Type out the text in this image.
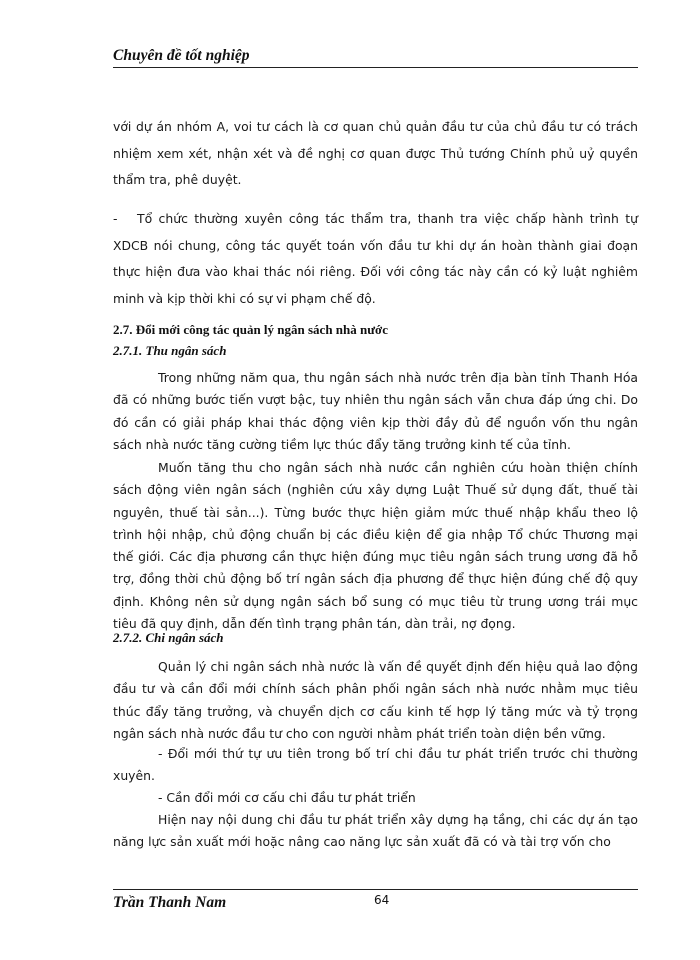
Chuyên đề tốt nghiệp

với dự án nhóm A, voi tư cách là cơ quan chủ quản đầu tư của chủ đầu tư có trách nhiệm xem xét, nhận xét và đề nghị cơ quan được Thủ tướng Chính phủ uỷ quyền thẩm tra, phê duyệt.

- Tổ chức thường xuyên công tác thẩm tra, thanh tra việc chấp hành trình tự XDCB nói chung, công tác quyết toán vốn đầu tư khi dự án hoàn thành giai đoạn thực hiện đưa vào khai thác nói riêng. Đối với công tác này cần có kỷ luật nghiêm minh và kịp thời khi có sự vi phạm chế độ.

2.7. Đổi mới công tác quản lý ngân sách nhà nước
2.7.1. Thu ngân sách

Trong những năm qua, thu ngân sách nhà nước trên địa bàn tỉnh Thanh Hóa đã có những bước tiến vượt bậc, tuy nhiên thu ngân sách vẫn chưa đáp ứng chi. Do đó cần có giải pháp khai thác động viên kịp thời đầy đủ để nguồn vốn thu ngân sách nhà nước tăng cường tiềm lực thúc đẩy tăng trưởng kinh tế của tỉnh.

Muốn tăng thu cho ngân sách nhà nước cần nghiên cứu hoàn thiện chính sách động viên ngân sách (nghiên cứu xây dựng Luật Thuế sử dụng đất, thuế tài nguyên, thuế tài sản...). Từng bước thực hiện giảm mức thuế nhập khẩu theo lộ trình hội nhập, chủ động chuẩn bị các điều kiện để gia nhập Tổ chức Thương mại thế giới. Các địa phương cần thực hiện đúng mục tiêu ngân sách trung ương đã hỗ trợ, đồng thời chủ động bố trí ngân sách địa phương để thực hiện đúng chế độ quy định. Không nên sử dụng ngân sách bổ sung có mục tiêu từ trung ương trái mục tiêu đã quy định, dẫn đến tình trạng phân tán, dàn trải, nợ đọng.

2.7.2. Chi ngân sách

Quản lý chi ngân sách nhà nước là vấn đề quyết định đến hiệu quả lao động đầu tư và cần đổi mới chính sách phân phối ngân sách nhà nước nhằm mục tiêu thúc đẩy tăng trưởng, và chuyển dịch cơ cấu kinh tế hợp lý tăng mức và tỷ trọng ngân sách nhà nước đầu tư cho con người nhằm phát triển toàn diện bền vững.

- Đổi mới thứ tự ưu tiên trong bố trí chi đầu tư phát triển trước chi thường xuyên.

- Cần đổi mới cơ cấu chi đầu tư phát triển

Hiện nay nội dung chi đầu tư phát triển xây dựng hạ tầng, chi các dự án tạo năng lực sản xuất mới hoặc nâng cao năng lực sản xuất đã có và tài trợ vốn cho

Trần Thanh Nam	64
